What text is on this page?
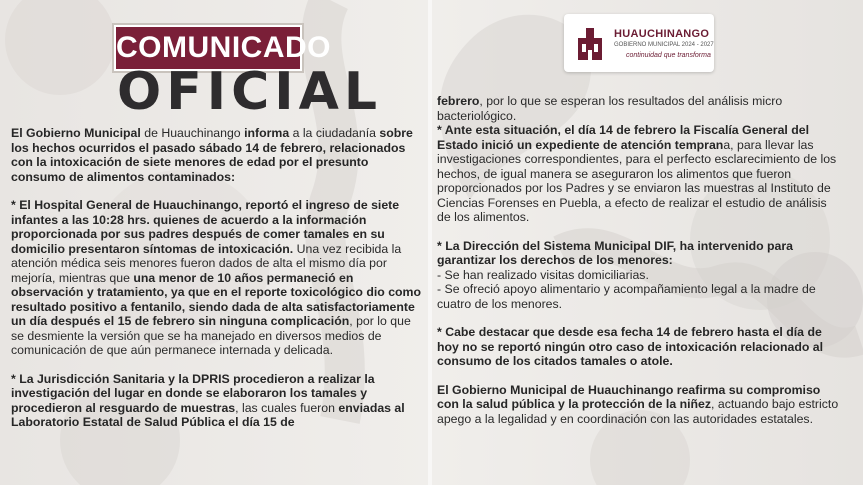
COMUNICADO
OFICIAL
HUAUCHINANGO
GOBIERNO MUNICIPAL 2024 - 2027
continuidad que transforma

El Gobierno Municipal de Huauchinango informa a la ciudadanía sobre los hechos ocurridos el pasado sábado 14 de febrero, relacionados con la intoxicación de siete menores de edad por el presunto consumo de alimentos contaminados:

* El Hospital General de Huauchinango, reportó el ingreso de siete infantes a las 10:28 hrs. quienes de acuerdo a la información proporcionada por sus padres después de comer tamales en su domicilio presentaron síntomas de intoxicación. Una vez recibida la atención médica seis menores fueron dados de alta el mismo día por mejoría, mientras que una menor de 10 años permaneció en observación y tratamiento, ya que en el reporte toxicológico dio como resultado positivo a fentanilo, siendo dada de alta satisfactoriamente un día después el 15 de febrero sin ninguna complicación, por lo que se desmiente la versión que se ha manejado en diversos medios de comunicación de que aún permanece internada y delicada.

* La Jurisdicción Sanitaria y la DPRIS procedieron a realizar la investigación del lugar en donde se elaboraron los tamales y procedieron al resguardo de muestras, las cuales fueron enviadas al Laboratorio Estatal de Salud Pública el día 15 de

febrero, por lo que se esperan los resultados del análisis micro bacteriológico.
* Ante esta situación, el día 14 de febrero la Fiscalía General del Estado inició un expediente de atención temprana, para llevar las investigaciones correspondientes, para el perfecto esclarecimiento de los hechos, de igual manera se aseguraron los alimentos que fueron proporcionados por los Padres y se enviaron las muestras al Instituto de Ciencias Forenses en Puebla, a efecto de realizar el estudio de análisis de los alimentos.

* La Dirección del Sistema Municipal DIF, ha intervenido para garantizar los derechos de los menores:
- Se han realizado visitas domiciliarias.
- Se ofreció apoyo alimentario y acompañamiento legal a la madre de cuatro de los menores.

* Cabe destacar que desde esa fecha 14 de febrero hasta el día de hoy no se reportó ningún otro caso de intoxicación relacionado al consumo de los citados tamales o atole.

El Gobierno Municipal de Huauchinango reafirma su compromiso con la salud pública y la protección de la niñez, actuando bajo estricto apego a la legalidad y en coordinación con las autoridades estatales.
